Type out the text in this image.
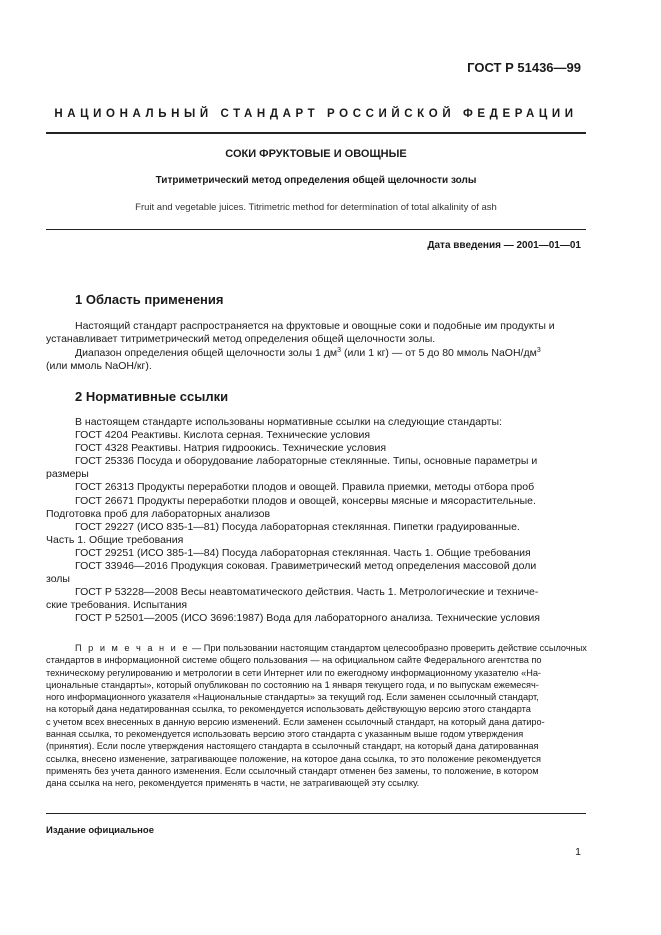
ГОСТ Р 51436—99
НАЦИОНАЛЬНЫЙ СТАНДАРТ РОССИЙСКОЙ ФЕДЕРАЦИИ
СОКИ ФРУКТОВЫЕ И ОВОЩНЫЕ
Титриметрический метод определения общей щелочности золы
Fruit and vegetable juices. Titrimetric method for determination of total alkalinity of ash
Дата введения — 2001—01—01
1 Область применения
Настоящий стандарт распространяется на фруктовые и овощные соки и подобные им продукты и
устанавливает титриметрический метод определения общей щелочности золы.
Диапазон определения общей щелочности золы 1 $дм^3$ (или 1 кг) — от 5 до 80 ммоль NaOH/$дм^3$
(или ммоль NaOH/кг).
2 Нормативные ссылки
В настоящем стандарте использованы нормативные ссылки на следующие стандарты:
ГОСТ 4204 Реактивы. Кислота серная. Технические условия
ГОСТ 4328 Реактивы. Натрия гидроокись. Технические условия
ГОСТ 25336 Посуда и оборудование лабораторные стеклянные. Типы, основные параметры и
размеры
ГОСТ 26313 Продукты переработки плодов и овощей. Правила приемки, методы отбора проб
ГОСТ 26671 Продукты переработки плодов и овощей, консервы мясные и мясорастительные.
Подготовка проб для лабораторных анализов
ГОСТ 29227 (ИСО 835-1—81) Посуда лабораторная стеклянная. Пипетки градуированные.
Часть 1. Общие требования
ГОСТ 29251 (ИСО 385-1—84) Посуда лабораторная стеклянная. Часть 1. Общие требования
ГОСТ 33946—2016 Продукция соковая. Гравиметрический метод определения массовой доли
золы
ГОСТ Р 53228—2008 Весы неавтоматического действия. Часть 1. Метрологические и техниче-
ские требования. Испытания
ГОСТ Р 52501—2005 (ИСО 3696:1987) Вода для лабораторного анализа. Технические условия
П р и м е ч а н и е — При пользовании настоящим стандартом целесообразно проверить действие ссылочных
стандартов в информационной системе общего пользования — на официальном сайте Федерального агентства по
техническому регулированию и метрологии в сети Интернет или по ежегодному информационному указателю «На-
циональные стандарты», который опубликован по состоянию на 1 января текущего года, и по выпускам ежемесяч-
ного информационного указателя «Национальные стандарты» за текущий год. Если заменен ссылочный стандарт,
на который дана недатированная ссылка, то рекомендуется использовать действующую версию этого стандарта
с учетом всех внесенных в данную версию изменений. Если заменен ссылочный стандарт, на который дана датиро-
ванная ссылка, то рекомендуется использовать версию этого стандарта с указанным выше годом утверждения
(принятия). Если после утверждения настоящего стандарта в ссылочный стандарт, на который дана датированная
ссылка, внесено изменение, затрагивающее положение, на которое дана ссылка, то это положение рекомендуется
применять без учета данного изменения. Если ссылочный стандарт отменен без замены, то положение, в котором
дана ссылка на него, рекомендуется применять в части, не затрагивающей эту ссылку.
Издание официальное
1
